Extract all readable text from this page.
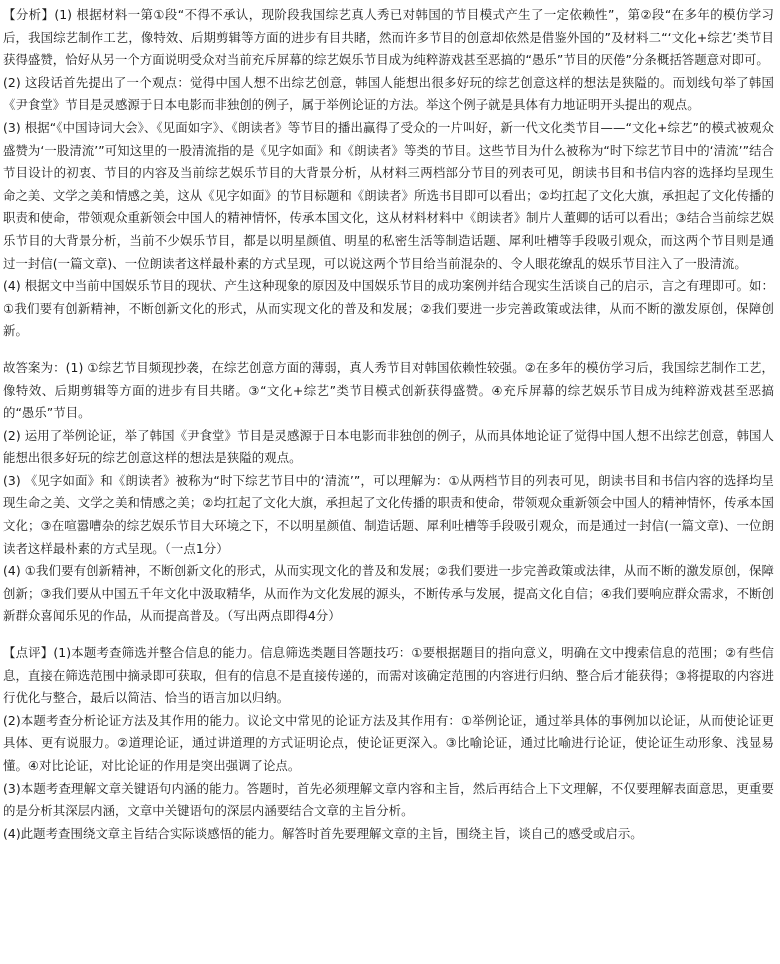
【分析】(1) 根据材料一第①段“不得不承认，现阶段我国综艺真人秀已对韩国的节目模式产生了一定依赖性”，第②段“在多年的模仿学习后，我国综艺制作工艺，像特效、后期剪辑等方面的进步有目共睹，然而许多节目的创意却依然是借鉴外国的”及材料二“‘文化+综艺’类节目获得盛赞，恰好从另一个方面说明受众对当前充斥屏幕的综艺娱乐节目成为纯粹游戏甚至恶搞的“愚乐”节目的厌倦”分条概括答题意对即可。

(2) 这段话首先提出了一个观点：觉得中国人想不出综艺创意，韩国人能想出很多好玩的综艺创意这样的想法是狭隘的。而划线句举了韩国《尹食堂》节目是灵感源于日本电影而非独创的例子，属于举例论证的方法。举这个例子就是具体有力地证明开头提出的观点。

(3) 根据“《中国诗词大会》、《见面如字》、《朗读者》等节目的播出赢得了受众的一片叫好，新一代文化类节目——“文化+综艺”的模式被观众盛赞为‘一股清流’”可知这里的一股清流指的是《见字如面》和《朗读者》等类的节目。这些节目为什么被称为“时下综艺节目中的‘清流’”结合节目设计的初衷、节目的内容及当前综艺娱乐节目的大背景分析，从材料三两档部分节目的列表可见，朗读书目和书信内容的选择均呈现生命之美、文学之美和情感之美，这从《见字如面》的节目标题和《朗读者》所选书目即可以看出；②均扛起了文化大旗，承担起了文化传播的职责和使命，带领观众重新领会中国人的精神情怀，传承本国文化，这从材料材料中《朗读者》制片人董卿的话可以看出；③结合当前综艺娱乐节目的大背景分析，当前不少娱乐节目，都是以明星颜值、明星的私密生活等制造话题、犀利吐槽等手段吸引观众，而这两个节目则是通过一封信(一篇文章)、一位朗读者这样最朴素的方式呈现，可以说这两个节目给当前混杂的、令人眼花缭乱的娱乐节目注入了一股清流。

(4) 根据文中当前中国娱乐节目的现状、产生这种现象的原因及中国娱乐节目的成功案例并结合现实生活谈自己的启示，言之有理即可。如：①我们要有创新精神，不断创新文化的形式，从而实现文化的普及和发展；②我们要进一步完善政策或法律，从而不断的激发原创，保障创新。

故答案为：(1) ①综艺节目频现抄袭，在综艺创意方面的薄弱，真人秀节目对韩国依赖性较强。②在多年的模仿学习后，我国综艺制作工艺，像特效、后期剪辑等方面的进步有目共睹。③“文化+综艺”类节目模式创新获得盛赞。④充斥屏幕的综艺娱乐节目成为纯粹游戏甚至恶搞的“愚乐”节目。

(2) 运用了举例论证，举了韩国《尹食堂》节目是灵感源于日本电影而非独创的例子，从而具体地论证了觉得中国人想不出综艺创意，韩国人能想出很多好玩的综艺创意这样的想法是狭隘的观点。

(3) 《见字如面》和《朗读者》被称为“时下综艺节目中的‘清流’”，可以理解为：①从两档节目的列表可见，朗读书目和书信内容的选择均呈现生命之美、文学之美和情感之美；②均扛起了文化大旗，承担起了文化传播的职责和使命，带领观众重新领会中国人的精神情怀，传承本国文化；③在喧嚣嘈杂的综艺娱乐节目大环境之下，不以明星颜值、制造话题、犀利吐槽等手段吸引观众，而是通过一封信(一篇文章)、一位朗读者这样最朴素的方式呈现。（一点1分）

(4) ①我们要有创新精神，不断创新文化的形式，从而实现文化的普及和发展；②我们要进一步完善政策或法律，从而不断的激发原创，保障创新；③我们要从中国五千年文化中汲取精华，从而作为文化发展的源头，不断传承与发展，提高文化自信；④我们要响应群众需求，不断创新群众喜闻乐见的作品，从而提高普及。（写出两点即得4分）

【点评】(1)本题考查筛选并整合信息的能力。信息筛选类题目答题技巧：①要根据题目的指向意义，明确在文中搜索信息的范围；②有些信息，直接在筛选范围中摘录即可获取，但有的信息不是直接传递的，而需对该确定范围的内容进行归纳、整合后才能获得；③将提取的内容进行优化与整合，最后以简洁、恰当的语言加以归纳。

(2)本题考查分析论证方法及其作用的能力。议论文中常见的论证方法及其作用有：①举例论证，通过举具体的事例加以论证，从而使论证更具体、更有说服力。②道理论证，通过讲道理的方式证明论点，使论证更深入。③比喻论证，通过比喻进行论证，使论证生动形象、浅显易懂。④对比论证，对比论证的作用是突出强调了论点。

(3)本题考查理解文章关键语句内涵的能力。答题时，首先必须理解文章内容和主旨，然后再结合上下文理解，不仅要理解表面意思，更重要的是分析其深层内涵，文章中关键语句的深层内涵要结合文章的主旨分析。

(4)此题考查围绕文章主旨结合实际谈感悟的能力。解答时首先要理解文章的主旨，围绕主旨，谈自己的感受或启示。
